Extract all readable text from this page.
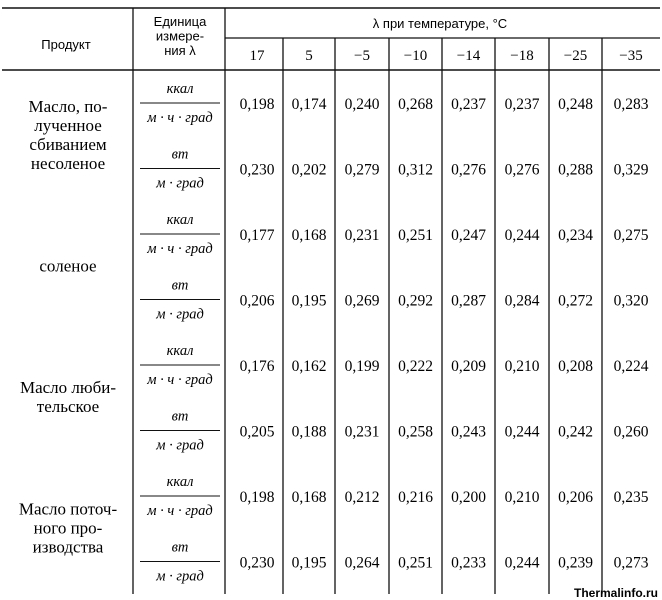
Продукт
Единица
измере-
ния λ
λ при температуре, °С
17	5	−5 −10 −14 −18 −25 −35
Масло, по-
лученное
сбиванием
несоленое
ккал
м · ч · град
0,198 0,174 0,240 0,268 0,237 0,237 0,248 0,283
вт
м · град
0,230 0,202 0,279 0,312 0,276 0,276 0,288 0,329
соленое
ккал
м · ч · град
0,177 0,168 0,231 0,251 0,247 0,244 0,234 0,275
вт
м · град
0,206 0,195 0,269 0,292 0,287 0,284 0,272 0,320
Масло люби-
тельское
ккал
м · ч · град
0,176 0,162 0,199 0,222 0,209 0,210 0,208 0,224
вт
м · град
0,205 0,188 0,231 0,258 0,243 0,244 0,242 0,260
Масло поточ-
ного про-
изводства
ккал
м · ч · град
0,198 0,168 0,212 0,216 0,200 0,210 0,206 0,235
вт
м · град
0,230 0,195 0,264 0,251 0,233 0,244 0,239 0,273
Thermalinfo.ru
